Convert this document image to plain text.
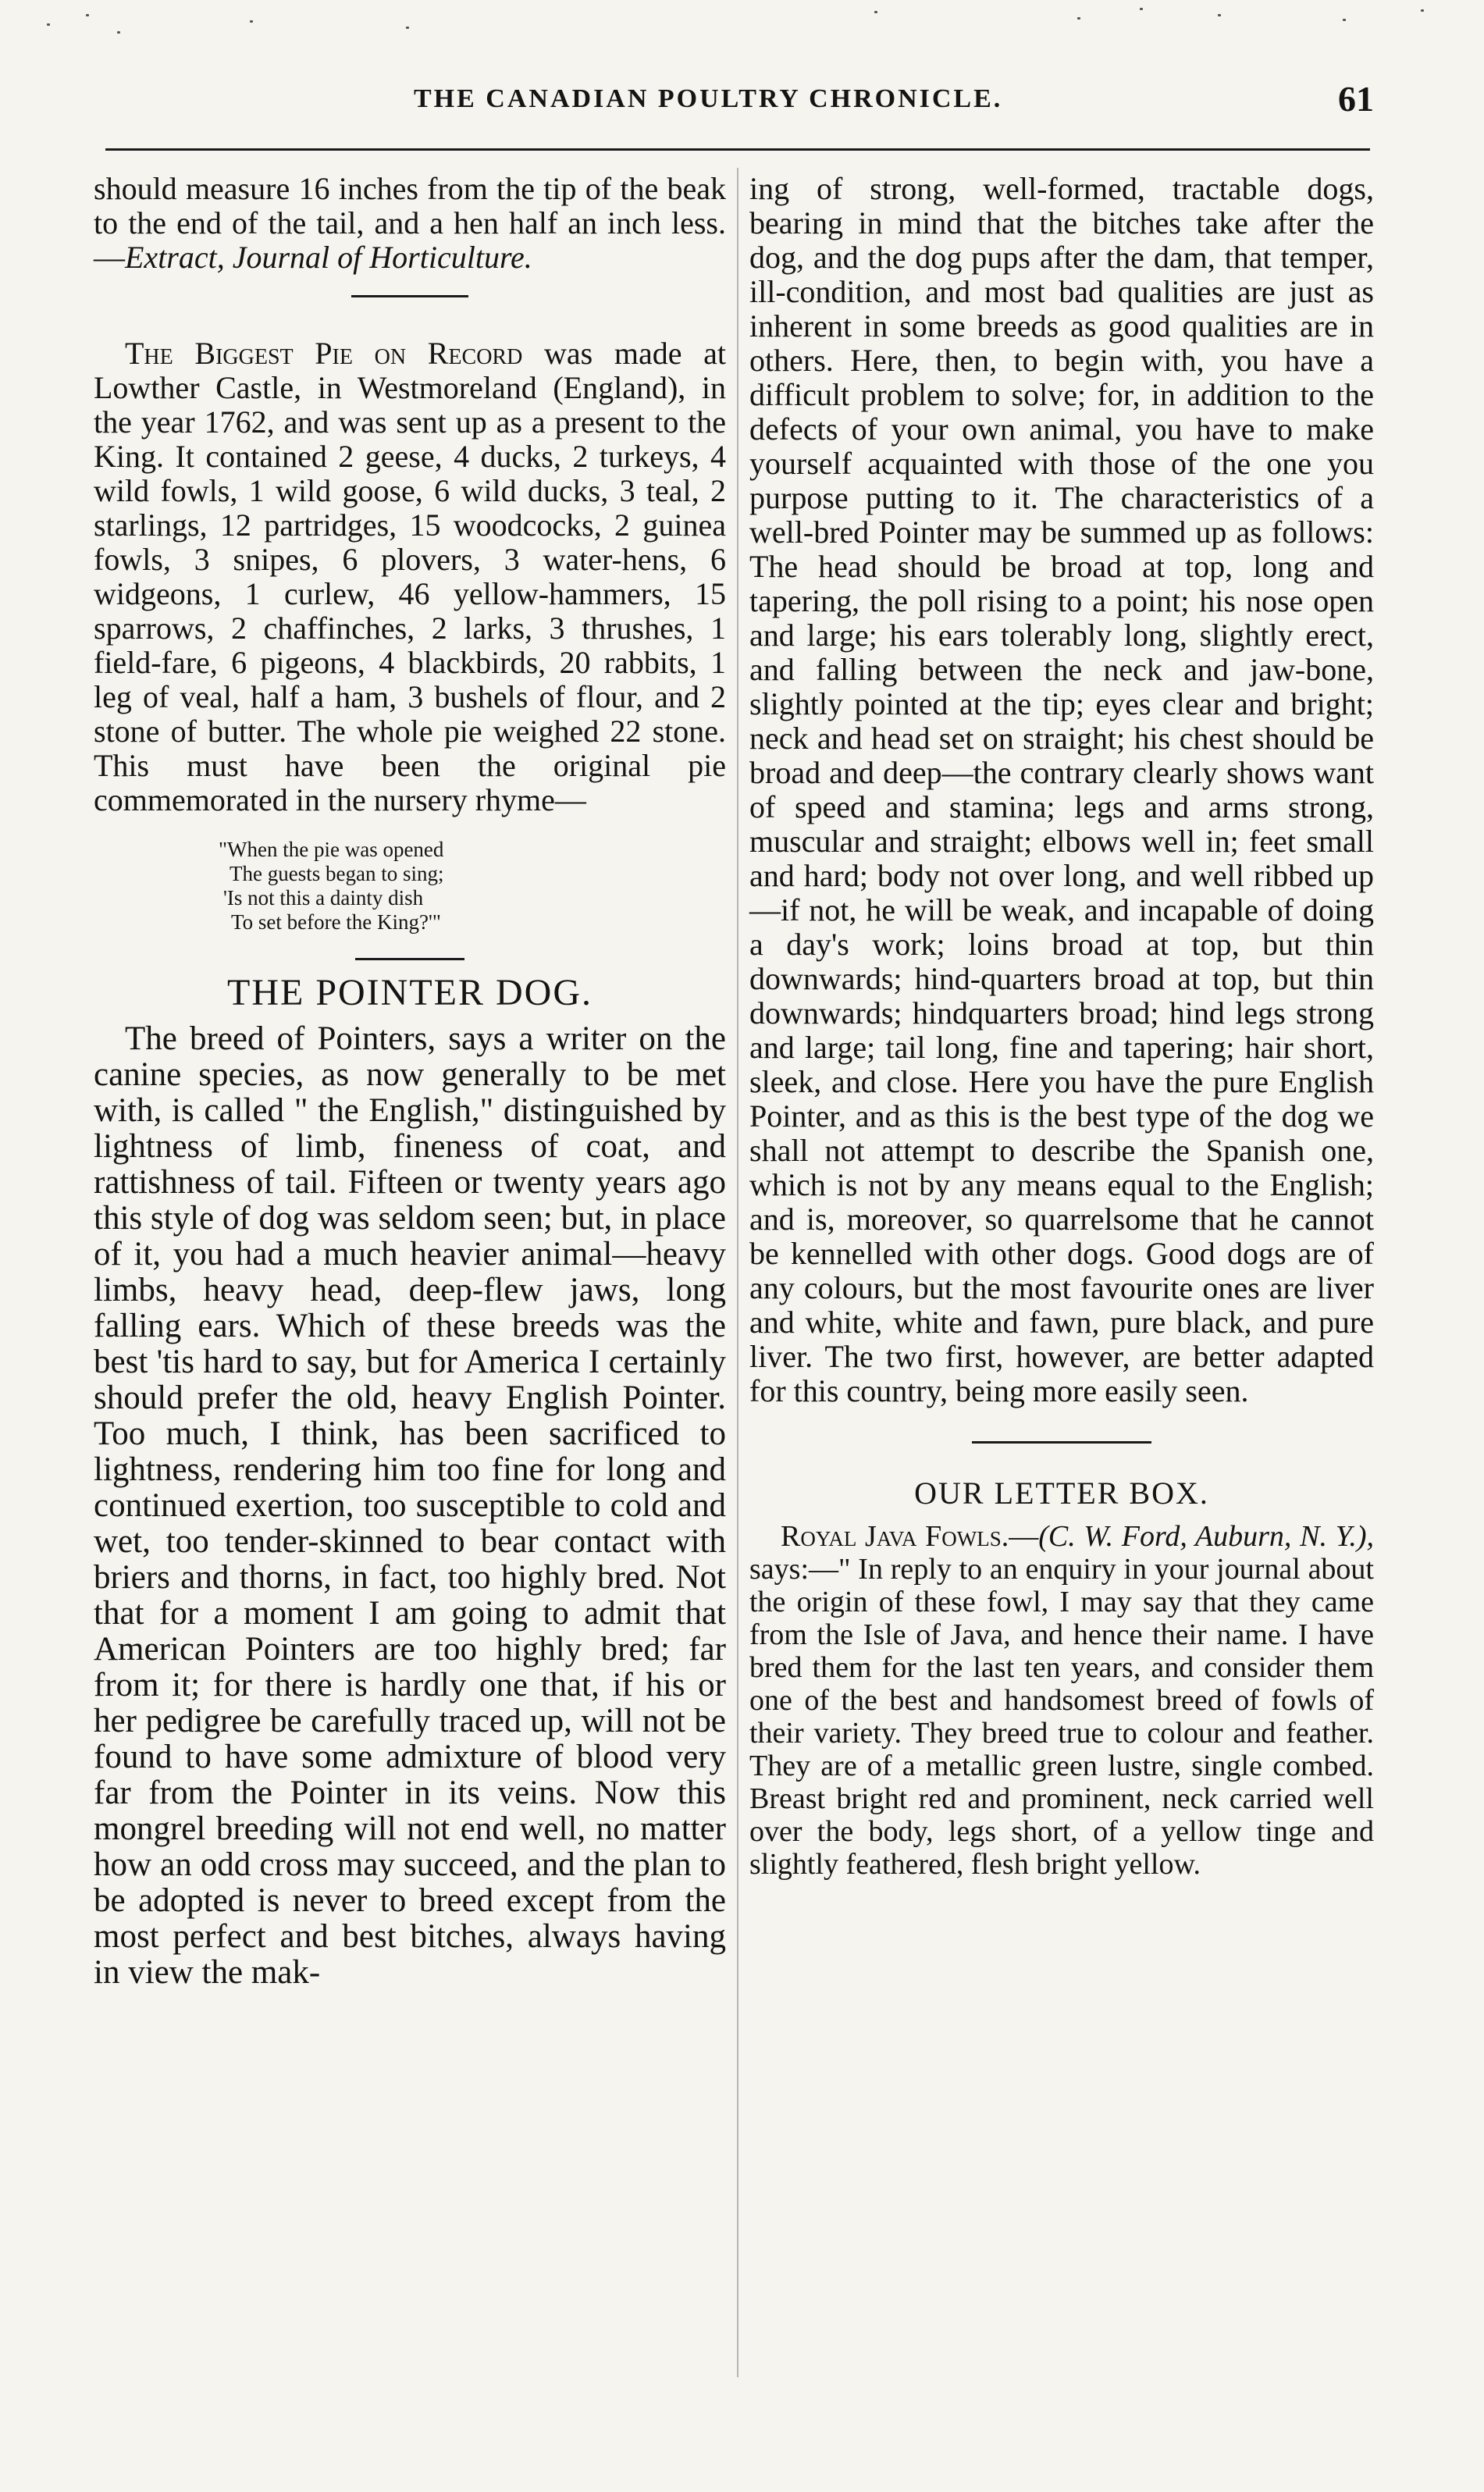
THE CANADIAN POULTRY CHRONICLE.	61

should measure 16 inches from the tip of the beak to the end of the tail, and a hen half an inch less.—Extract, Journal of Horticulture.

The Biggest Pie on Record was made at Lowther Castle, in Westmoreland (England), in the year 1762, and was sent up as a present to the King. It contained 2 geese, 4 ducks, 2 turkeys, 4 wild fowls, 1 wild goose, 6 wild ducks, 3 teal, 2 starlings, 12 partridges, 15 woodcocks, 2 guinea fowls, 3 snipes, 6 plovers, 3 water-hens, 6 widgeons, 1 curlew, 46 yellow-hammers, 15 sparrows, 2 chaffinches, 2 larks, 3 thrushes, 1 field-fare, 6 pigeons, 4 blackbirds, 20 rabbits, 1 leg of veal, half a ham, 3 bushels of flour, and 2 stone of butter. The whole pie weighed 22 stone. This must have been the original pie commemorated in the nursery rhyme—

"When the pie was opened
The guests began to sing;
'Is not this a dainty dish
To set before the King?'"
THE POINTER DOG.

The breed of Pointers, says a writer on the canine species, as now generally to be met with, is called " the English," distinguished by lightness of limb, fineness of coat, and rattishness of tail. Fifteen or twenty years ago this style of dog was seldom seen; but, in place of it, you had a much heavier animal—heavy limbs, heavy head, deep-flew jaws, long falling ears. Which of these breeds was the best 'tis hard to say, but for America I certainly should prefer the old, heavy English Pointer. Too much, I think, has been sacrificed to lightness, rendering him too fine for long and continued exertion, too susceptible to cold and wet, too tender-skinned to bear contact with briers and thorns, in fact, too highly bred. Not that for a moment I am going to admit that American Pointers are too highly bred; far from it; for there is hardly one that, if his or her pedigree be carefully traced up, will not be found to have some admixture of blood very far from the Pointer in its veins. Now this mongrel breeding will not end well, no matter how an odd cross may succeed, and the plan to be adopted is never to breed except from the most perfect and best bitches, always having in view the mak-

ing of strong, well-formed, tractable dogs, bearing in mind that the bitches take after the dog, and the dog pups after the dam, that temper, ill-condition, and most bad qualities are just as inherent in some breeds as good qualities are in others. Here, then, to begin with, you have a difficult problem to solve; for, in addition to the defects of your own animal, you have to make yourself acquainted with those of the one you purpose putting to it. The characteristics of a well-bred Pointer may be summed up as follows: The head should be broad at top, long and tapering, the poll rising to a point; his nose open and large; his ears tolerably long, slightly erect, and falling between the neck and jaw-bone, slightly pointed at the tip; eyes clear and bright; neck and head set on straight; his chest should be broad and deep—the contrary clearly shows want of speed and stamina; legs and arms strong, muscular and straight; elbows well in; feet small and hard; body not over long, and well ribbed up—if not, he will be weak, and incapable of doing a day's work; loins broad at top, but thin downwards; hind-quarters broad at top, but thin downwards; hindquarters broad; hind legs strong and large; tail long, fine and tapering; hair short, sleek, and close. Here you have the pure English Pointer, and as this is the best type of the dog we shall not attempt to describe the Spanish one, which is not by any means equal to the English; and is, moreover, so quarrelsome that he cannot be kennelled with other dogs. Good dogs are of any colours, but the most favourite ones are liver and white, white and fawn, pure black, and pure liver. The two first, however, are better adapted for this country, being more easily seen.

OUR LETTER BOX.

Royal Java Fowls.—(C. W. Ford, Auburn, N. Y.), says:—" In reply to an enquiry in your journal about the origin of these fowl, I may say that they came from the Isle of Java, and hence their name. I have bred them for the last ten years, and consider them one of the best and handsomest breed of fowls of their variety. They breed true to colour and feather. They are of a metallic green lustre, single combed. Breast bright red and prominent, neck carried well over the body, legs short, of a yellow tinge and slightly feathered, flesh bright yellow.
